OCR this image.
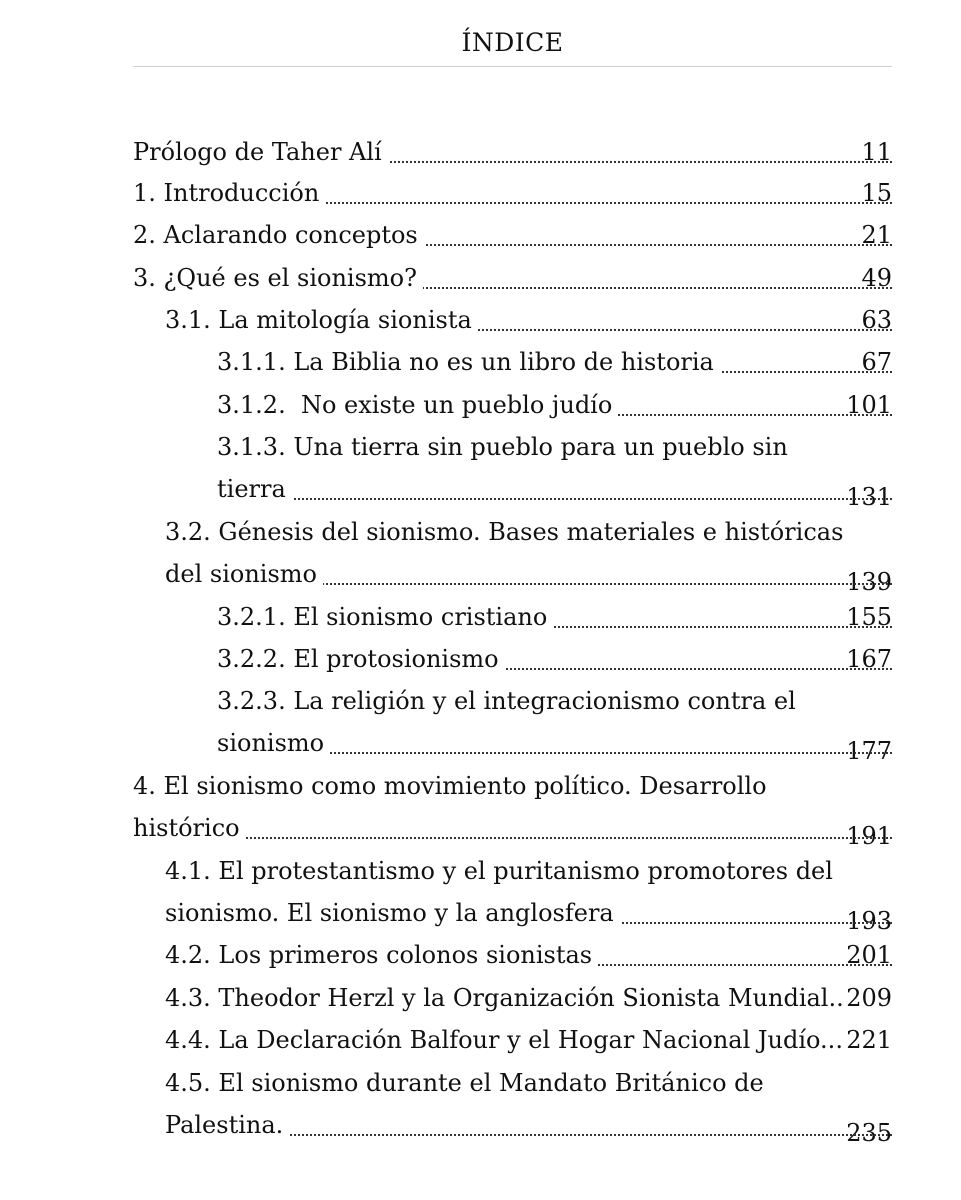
ÍNDICE
Prólogo de Taher Alí	11
1. Introducción	15
2. Aclarando conceptos	21
3. ¿Qué es el sionismo?	49
3.1. La mitología sionista	63
3.1.1. La Biblia no es un libro de historia	67
3.1.2.  No existe un pueblo judío	101
3.1.3. Una tierra sin pueblo para un pueblo sin
tierra	131
3.2. Génesis del sionismo. Bases materiales e históricas
del sionismo	139
3.2.1. El sionismo cristiano	155
3.2.2. El protosionismo	167
3.2.3. La religión y el integracionismo contra el
sionismo	177
4. El sionismo como movimiento político. Desarrollo
histórico	191
4.1. El protestantismo y el puritanismo promotores del
sionismo. El sionismo y la anglosfera	193
4.2. Los primeros colonos sionistas	201
4.3. Theodor Herzl y la Organización Sionista Mundial.. 209
4.4. La Declaración Balfour y el Hogar Nacional Judío... 221
4.5. El sionismo durante el Mandato Británico de
Palestina.	235
